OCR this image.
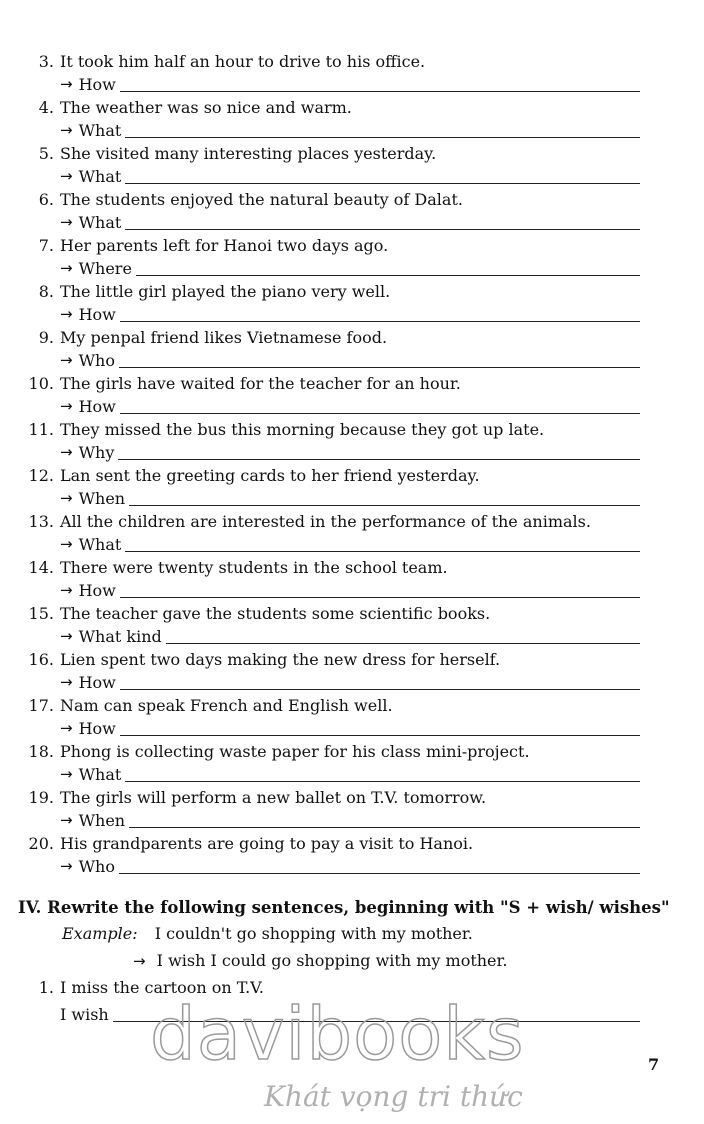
3. It took him half an hour to drive to his office.
→ How
4. The weather was so nice and warm.
→ What
5. She visited many interesting places yesterday.
→ What
6. The students enjoyed the natural beauty of Dalat.
→ What
7. Her parents left for Hanoi two days ago.
→ Where
8. The little girl played the piano very well.
→ How
9. My penpal friend likes Vietnamese food.
→ Who
10. The girls have waited for the teacher for an hour.
→ How
11. They missed the bus this morning because they got up late.
→ Why
12. Lan sent the greeting cards to her friend yesterday.
→ When
13. All the children are interested in the performance of the animals.
→ What
14. There were twenty students in the school team.
→ How
15. The teacher gave the students some scientific books.
→ What kind
16. Lien spent two days making the new dress for herself.
→ How
17. Nam can speak French and English well.
→ How
18. Phong is collecting waste paper for his class mini-project.
→ What
19. The girls will perform a new ballet on T.V. tomorrow.
→ When
20. His grandparents are going to pay a visit to Hanoi.
→ Who
IV. Rewrite the following sentences, beginning with "S + wish/ wishes"
Example: I couldn't go shopping with my mother.
→ I wish I could go shopping with my mother.
1. I miss the cartoon on T.V.
I wish davibooks
Khát vọng tri thức
7
